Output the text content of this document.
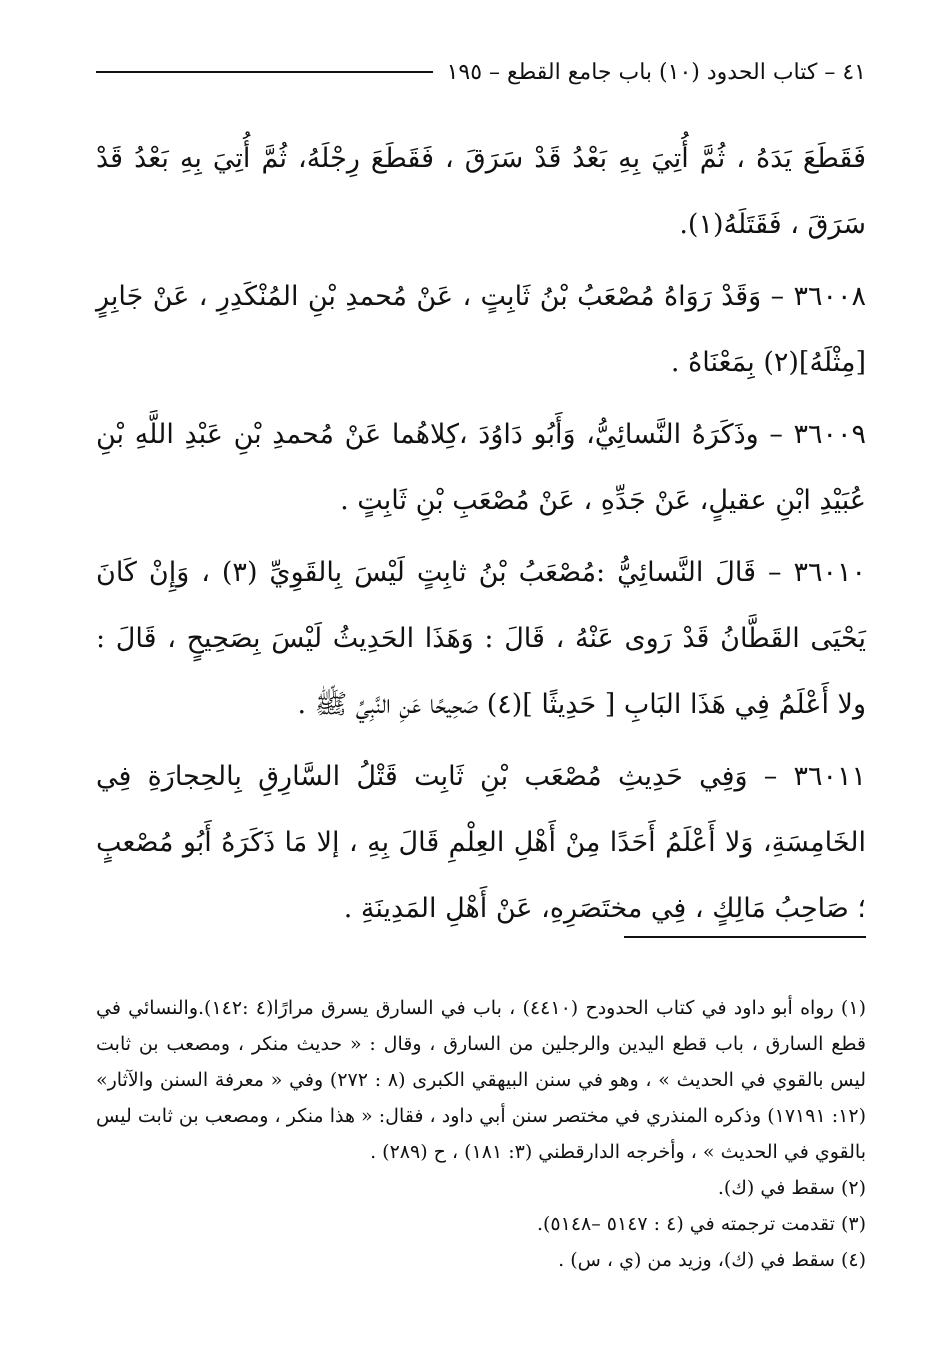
٤١ – كتاب الحدود (١٠) باب جامع القطع – ١٩٥

فَقَطَعَ يَدَهُ ، ثُمَّ أُتِيَ بِهِ بَعْدُ قَدْ سَرَقَ ، فَقَطَعَ رِجْلَهُ، ثُمَّ أُتِيَ بِهِ بَعْدُ قَدْ سَرَقَ ، فَقَتَلَهُ(١).

٣٦٠٠٨ – وَقَدْ رَوَاهُ مُصْعَبُ بْنُ ثَابِتٍ ، عَنْ مُحمدِ بْنِ المُنْكَدِرِ ، عَنْ جَابِرٍ [مِثْلَهُ](٢) بِمَعْنَاهُ .

٣٦٠٠٩ – وذَكَرَهُ النَّسائِيُّ، وَأَبُو دَاوُدَ ،كِلاهُما عَنْ مُحمدِ بْنِ عَبْدِ اللَّهِ بْنِ عُبَيْدِ ابْنِ عقيلٍ، عَنْ جَدِّهِ ، عَنْ مُصْعَبِ بْنِ ثَابِتٍ .

٣٦٠١٠ – قَالَ النَّسائِيُّ :مُصْعَبُ بْنُ ثابِتٍ لَيْسَ بِالقَوِيِّ (٣) ، وَإِنْ كَانَ يَحْيَى القَطَّانُ قَدْ رَوى عَنْهُ ، قَالَ : وَهَذَا الحَدِيثُ لَيْسَ بِصَحِيحٍ ، قَالَ : ولا أَعْلَمُ فِي هَذَا البَابِ [ حَدِيثًا ](٤) صَحِيحًا عَنِ النَّبِيِّ ﷺ .

٣٦٠١١ – وَفِي حَدِيثِ مُصْعَب بْنِ ثَابِت قَتْلُ السَّارِقِ بِالحِجارَةِ فِي الخَامِسَةِ، وَلا أَعْلَمُ أَحَدًا مِنْ أَهْلِ العِلْمِ قَالَ بِهِ ، إلا مَا ذَكَرَهُ أَبُو مُصْعبٍ ؛ صَاحِبُ مَالِكٍ ، فِي مختَصَرِهِ، عَنْ أَهْلِ المَدِينَةِ .

(١) رواه أبو داود في كتاب الحدودح (٤٤١٠) ، باب في السارق يسرق مرارًا(٤ :١٤٢).والنسائي في قطع السارق ، باب قطع اليدين والرجلين من السارق ، وقال : « حديث منكر ، ومصعب بن ثابت ليس بالقوي في الحديث » ، وهو في سنن البيهقي الكبرى (٨ : ٢٧٢) وفي « معرفة السنن والآثار» (١٢: ١٧١٩١) وذكره المنذري في مختصر سنن أبي داود ، فقال: « هذا منكر ، ومصعب بن ثابت ليس بالقوي في الحديث » ، وأخرجه الدارقطني (٣: ١٨١) ، ح (٢٨٩) .

(٢) سقط في (ك).

(٣) تقدمت ترجمته في (٤ : ٥١٤٧ –٥١٤٨).

(٤) سقط في (ك)، وزيد من (ي ، س) .
